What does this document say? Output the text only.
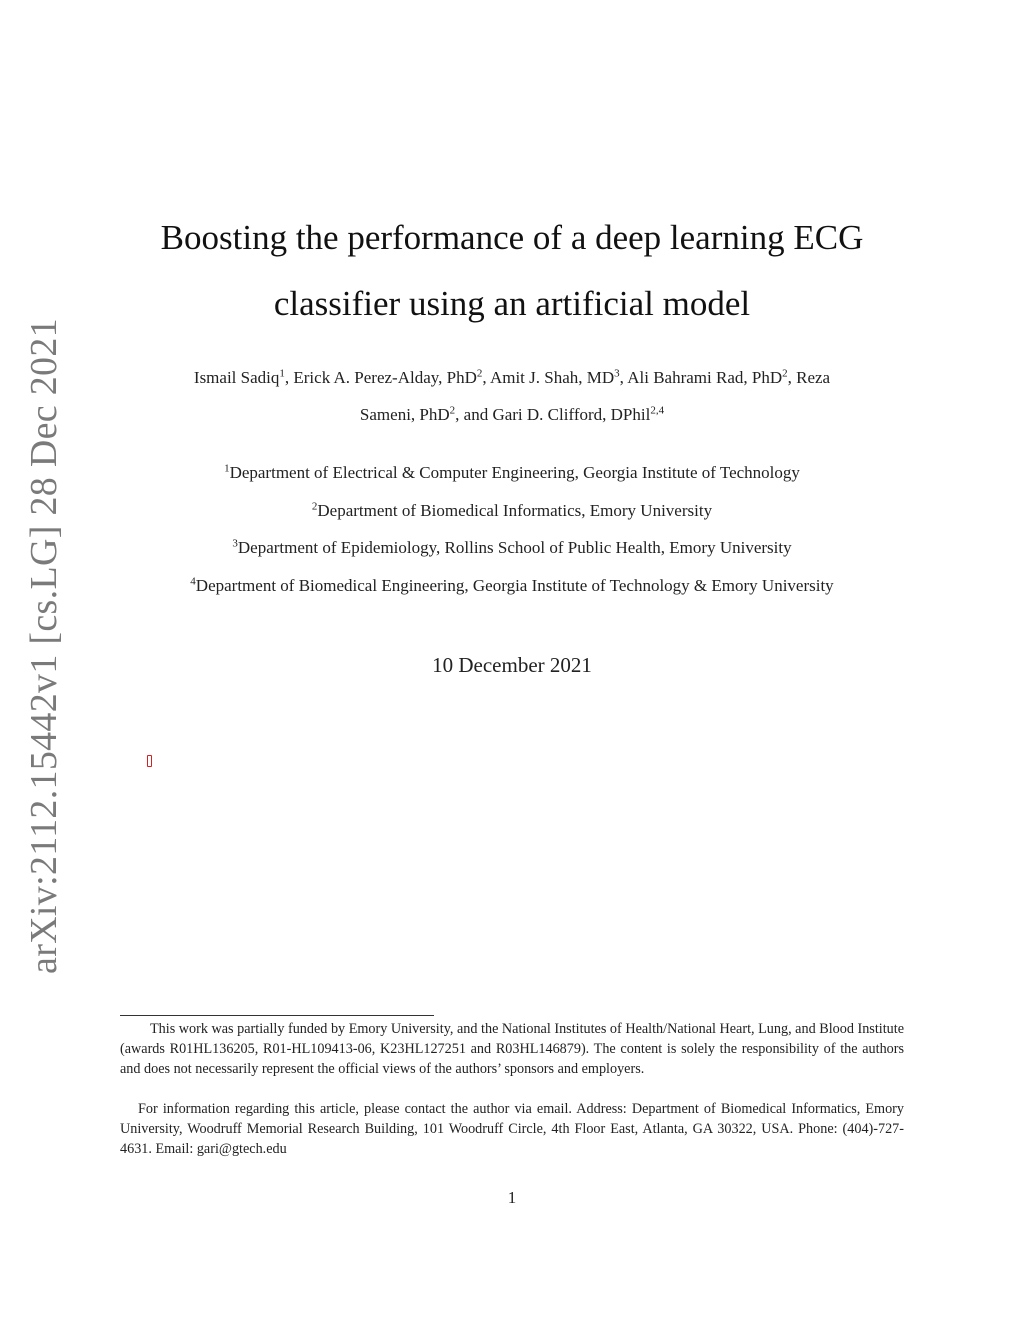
arXiv:2112.15442v1 [cs.LG] 28 Dec 2021
Boosting the performance of a deep learning ECG
classifier using an artificial model
Ismail Sadiq$^1$, Erick A. Perez-Alday, PhD$^2$, Amit J. Shah, $MD^3$, Ali Bahrami Rad, PhD$^2$, Reza
Sameni, PhD$^2$, and Gari D. Clifford, DPhil$^{2,4}$
$^1$Department of Electrical & Computer Engineering, Georgia Institute of Technology
$^2$Department of Biomedical Informatics, Emory University
$^3$Department of Epidemiology, Rollins School of Public Health, Emory University
$^4$Department of Biomedical Engineering, Georgia Institute of Technology & Emory University
10 December 2021

This work was partially funded by Emory University, and the National Institutes of Health/National Heart, Lung, and Blood Institute (awards R01HL136205, R01-HL109413-06, K23HL127251 and R03HL146879). The content is solely the responsibility of the authors and does not necessarily represent the official views of the authors’ sponsors and employers.

For information regarding this article, please contact the author via email. Address: Department of Biomedical Informatics, Emory University, Woodruff Memorial Research Building, 101 Woodruff Circle, 4th Floor East, Atlanta, GA 30322, USA. Phone: (404)-727-4631. Email: gari@gtech.edu

1
